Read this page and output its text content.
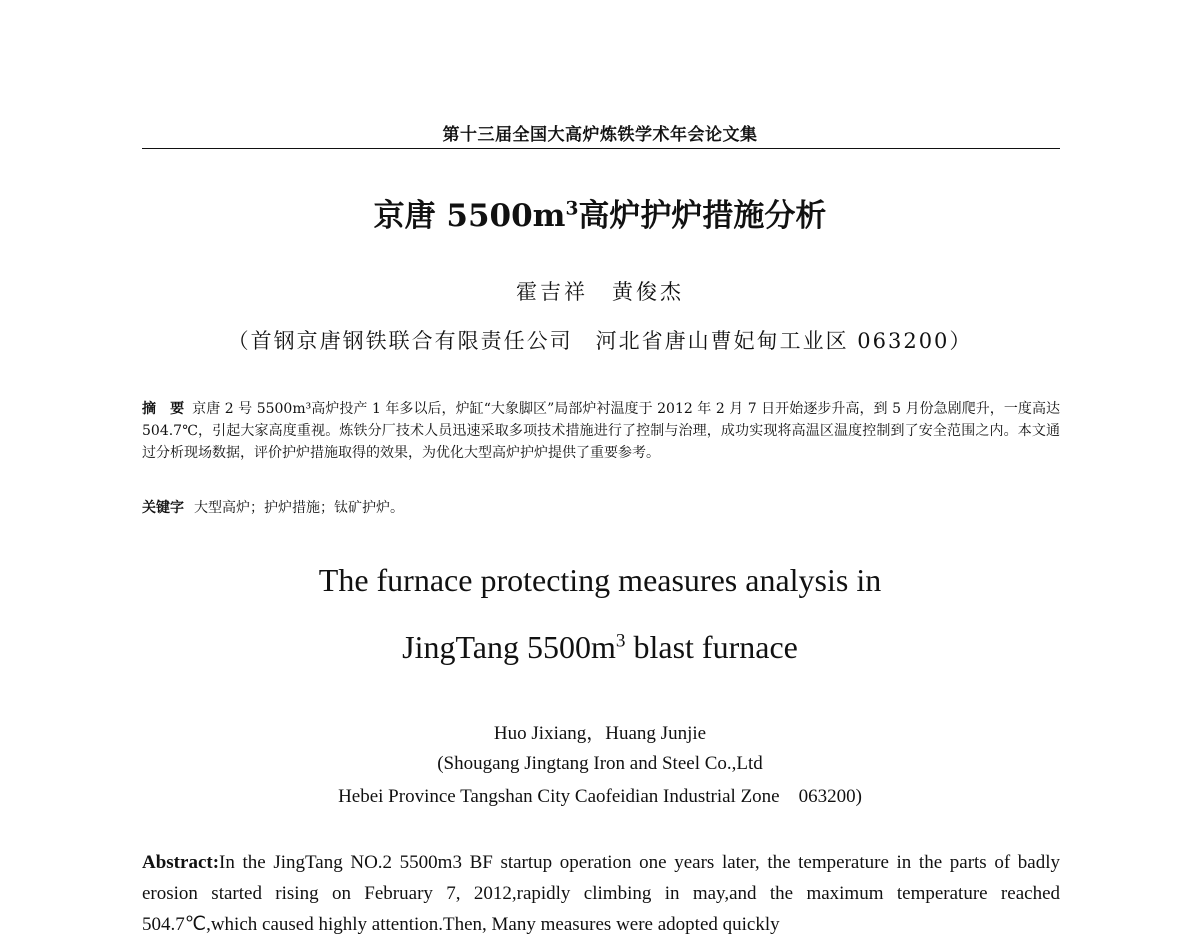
第十三届全国大高炉炼铁学术年会论文集
京唐 $5500m^3$高炉护炉措施分析
霍吉祥　黄俊杰
（首钢京唐钢铁联合有限责任公司　河北省唐山曹妃甸工业区 063200）
摘　要 京唐 2 号 5500m³高炉投产 1 年多以后，炉缸“大象脚区”局部炉衬温度于 2012 年 2 月 7 日开始逐步升高，到 5 月份急剧爬升，一度高达 504.7℃，引起大家高度重视。炼铁分厂技术人员迅速采取多项技术措施进行了控制与治理，成功实现将高温区温度控制到了安全范围之内。本文通过分析现场数据，评价护炉措施取得的效果，为优化大型高炉护炉提供了重要参考。
关键字 大型高炉；护炉措施；钛矿护炉。
The furnace protecting measures analysis in
JingTang $5500m^3$ blast furnace
Huo Jixiang，Huang Junjie
(Shougang Jingtang Iron and Steel Co.,Ltd
Hebei Province Tangshan City Caofeidian Industrial Zone　063200)
Abstract:In the JingTang NO.2 5500m3 BF startup operation one years later, the temperature in the parts of badly erosion started rising on February 7, 2012,rapidly climbing in may,and the maximum temperature reached 504.7℃,which caused highly attention.Then, Many measures were adopted quickly
